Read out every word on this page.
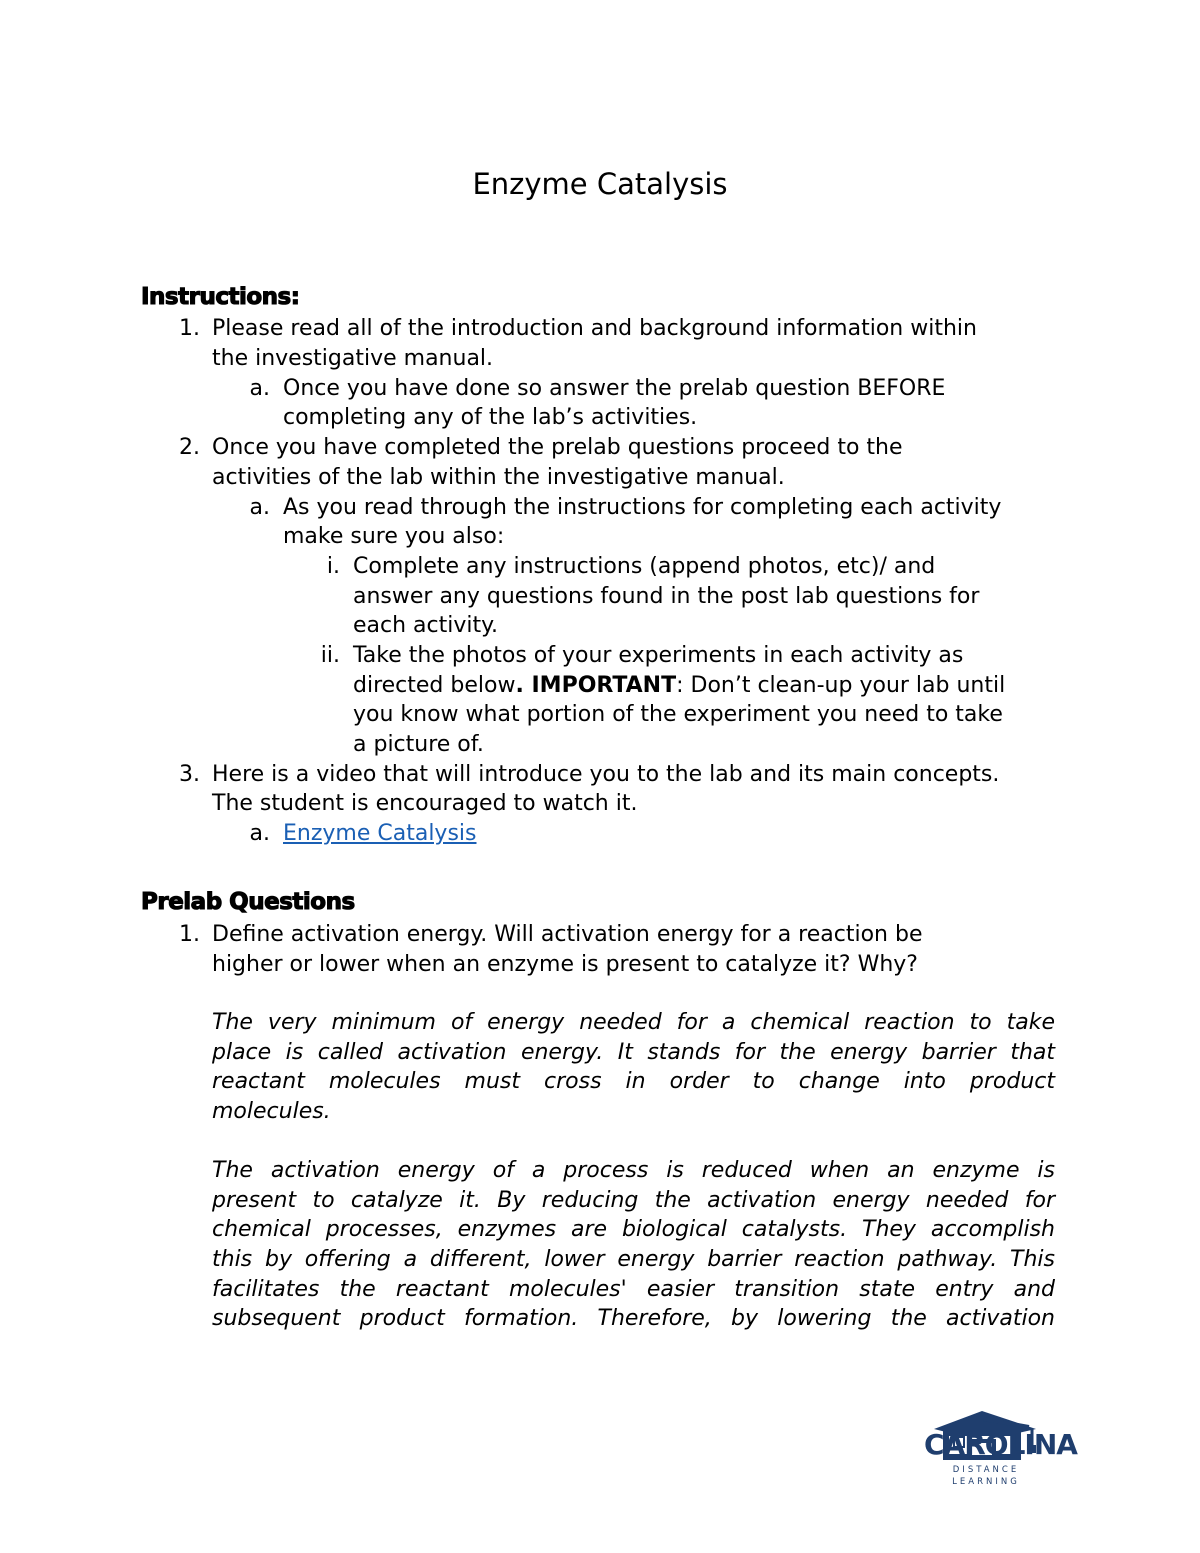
Enzyme Catalysis
Instructions:
1. Please read all of the introduction and background information within
the investigative manual.
a. Once you have done so answer the prelab question BEFORE
completing any of the lab’s activities.
2. Once you have completed the prelab questions proceed to the
activities of the lab within the investigative manual.
a. As you read through the instructions for completing each activity
make sure you also:
i. Complete any instructions (append photos, etc)/ and
answer any questions found in the post lab questions for
each activity.
ii. Take the photos of your experiments in each activity as
directed below. IMPORTANT: Don’t clean-up your lab until
you know what portion of the experiment you need to take
a picture of.
3. Here is a video that will introduce you to the lab and its main concepts.
The student is encouraged to watch it.
a. Enzyme Catalysis
Prelab Questions
1. Define activation energy. Will activation energy for a reaction be
higher or lower when an enzyme is present to catalyze it? Why?
The very minimum of energy needed for a chemical reaction to take
place is called activation energy. It stands for the energy barrier that
reactant molecules must cross in order to change into product
molecules.
The activation energy of a process is reduced when an enzyme is
present to catalyze it. By reducing the activation energy needed for
chemical processes, enzymes are biological catalysts. They accomplish
this by offering a different, lower energy barrier reaction pathway. This
facilitates the reactant molecules' easier transition state entry and
subsequent product formation. Therefore, by lowering the activation
CAROLINA
DISTANCE LEARNING
